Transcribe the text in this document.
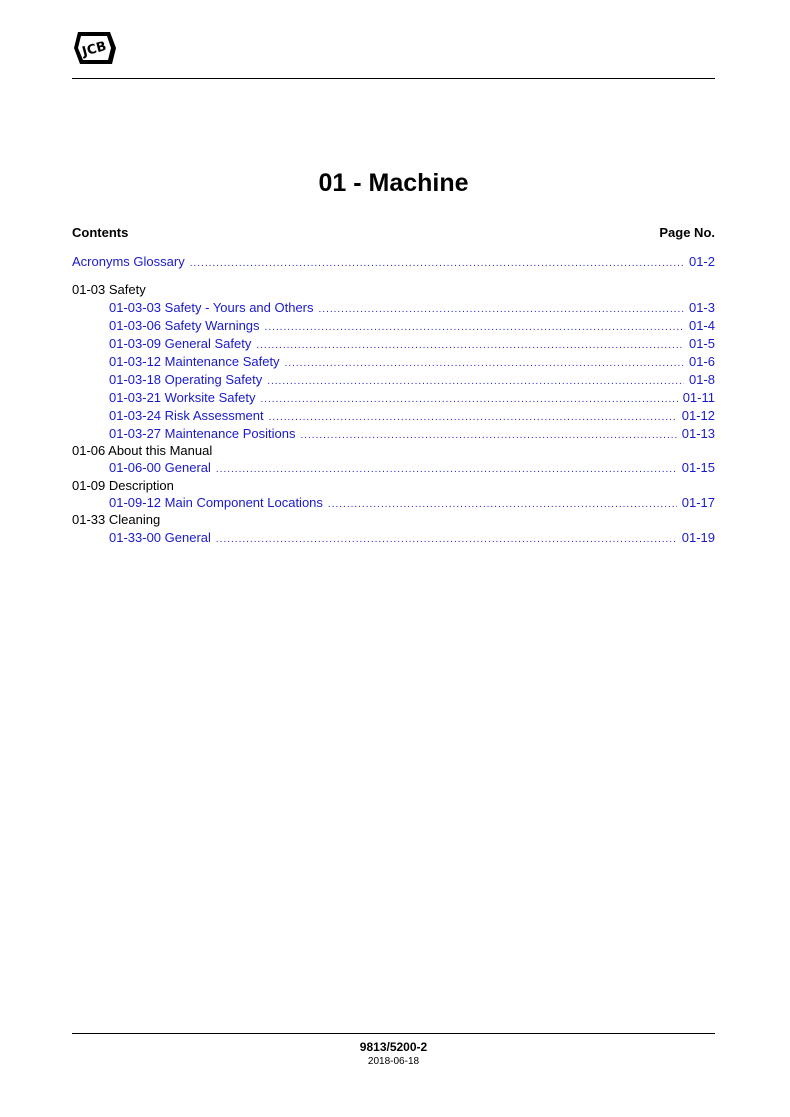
JCB
01 - Machine
Contents	Page No.
Acronyms Glossary .....	01-2
01-03 Safety
01-03-03 Safety - Yours and Others .....	01-3
01-03-06 Safety Warnings .....	01-4
01-03-09 General Safety .....	01-5
01-03-12 Maintenance Safety .....	01-6
01-03-18 Operating Safety .....	01-8
01-03-21 Worksite Safety .....	01-11
01-03-24 Risk Assessment .....	01-12
01-03-27 Maintenance Positions .....	01-13
01-06 About this Manual
01-06-00 General .....	01-15
01-09 Description
01-09-12 Main Component Locations .....	01-17
01-33 Cleaning
01-33-00 General .....	01-19
9813/5200-2
2018-06-18
